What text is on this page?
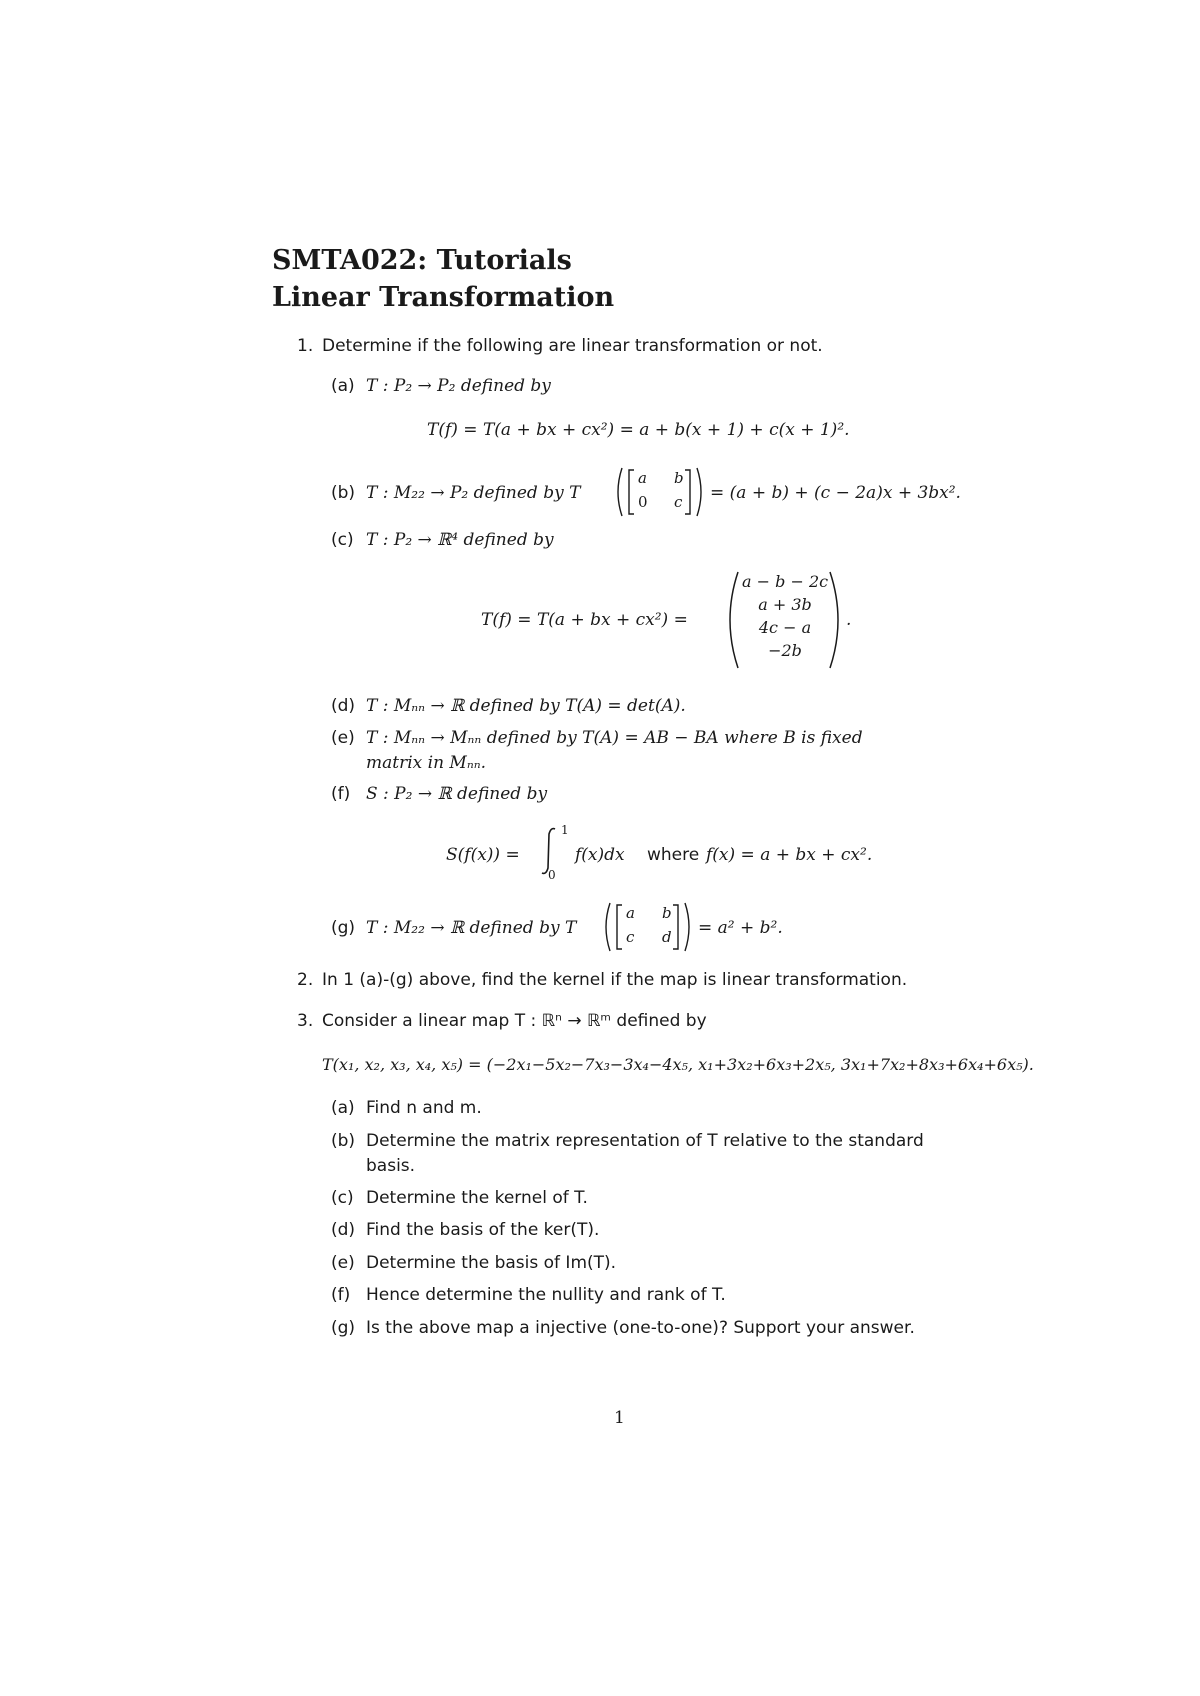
SMTA022: Tutorials
Linear Transformation
1. Determine if the following are linear transformation or not.
(a) T : P₂ → P₂ defined by
T(f) = T(a + bx + cx²) = a + b(x + 1) + c(x + 1)².
(b) T : M₂₂ → P₂ defined by T
a b
0 c = (a + b) + (c − 2a)x + 3bx².
(c) T : P₂ → ℝ⁴ defined by
T(f) = T(a + bx + cx²) =
a − b − 2c
a + 3b
4c − a
−2b
.
(d) T : Mₙₙ → ℝ defined by T(A) = det(A).
(e) T : Mₙₙ → Mₙₙ defined by T(A) = AB − BA where B is fixed
matrix in Mₙₙ.
(f) S : P₂ → ℝ defined by
S(f(x)) =
1
0
f(x)dx where f(x) = a + bx + cx².
(g) T : M₂₂ → ℝ defined by T
a b
c d = a² + b².
2. In 1 (a)-(g) above, find the kernel if the map is linear transformation.
3. Consider a linear map T : ℝⁿ → ℝᵐ defined by
T(x₁, x₂, x₃, x₄, x₅) = (−2x₁−5x₂−7x₃−3x₄−4x₅, x₁+3x₂+6x₃+2x₅, 3x₁+7x₂+8x₃+6x₄+6x₅).
(a) Find n and m.
(b) Determine the matrix representation of T relative to the standard
basis.
(c) Determine the kernel of T.
(d) Find the basis of the ker(T).
(e) Determine the basis of Im(T).
(f) Hence determine the nullity and rank of T.
(g) Is the above map a injective (one-to-one)? Support your answer.
1
